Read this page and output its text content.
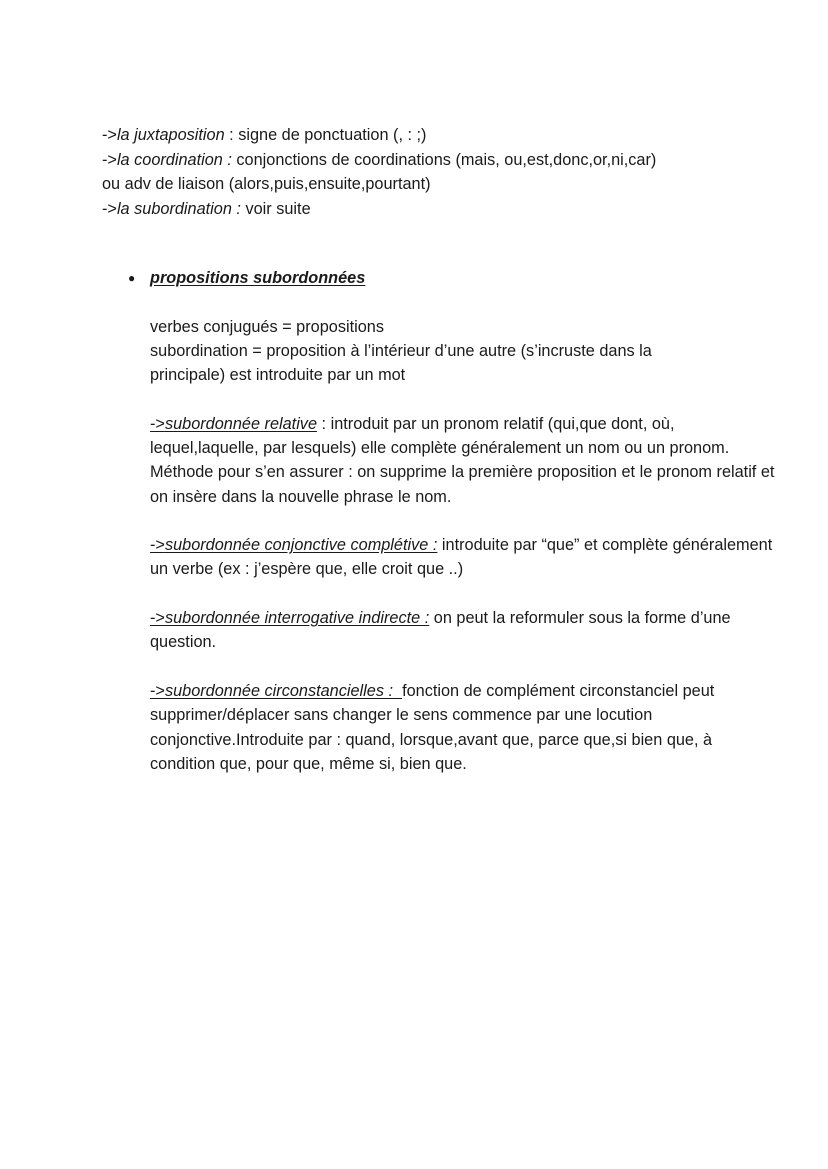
->la juxtaposition : signe de ponctuation (, : ;)
->la coordination : conjonctions de coordinations (mais, ou,est,donc,or,ni,car)
ou adv de liaison (alors,puis,ensuite,pourtant)
->la subordination : voir suite
● propositions subordonnées
verbes conjugués = propositions
subordination = proposition à l’intérieur d’une autre (s’incruste dans la
principale) est introduite par un mot
->subordonnée relative : introduit par un pronom relatif (qui,que dont, où, lequel,laquelle, par lesquels) elle complète généralement un nom ou un pronom. Méthode pour s’en assurer : on supprime la première proposition et le pronom relatif et on insère dans la nouvelle phrase le nom.
->subordonnée conjonctive complétive : introduite par “que” et complète généralement un verbe (ex : j’espère que, elle croit que ..)
->subordonnée interrogative indirecte : on peut la reformuler sous la forme d’une question.
->subordonnée circonstancielles : fonction de complément circonstanciel peut supprimer/déplacer sans changer le sens commence par une locution conjonctive.Introduite par : quand, lorsque,avant que, parce que,si bien que, à condition que, pour que, même si, bien que.
